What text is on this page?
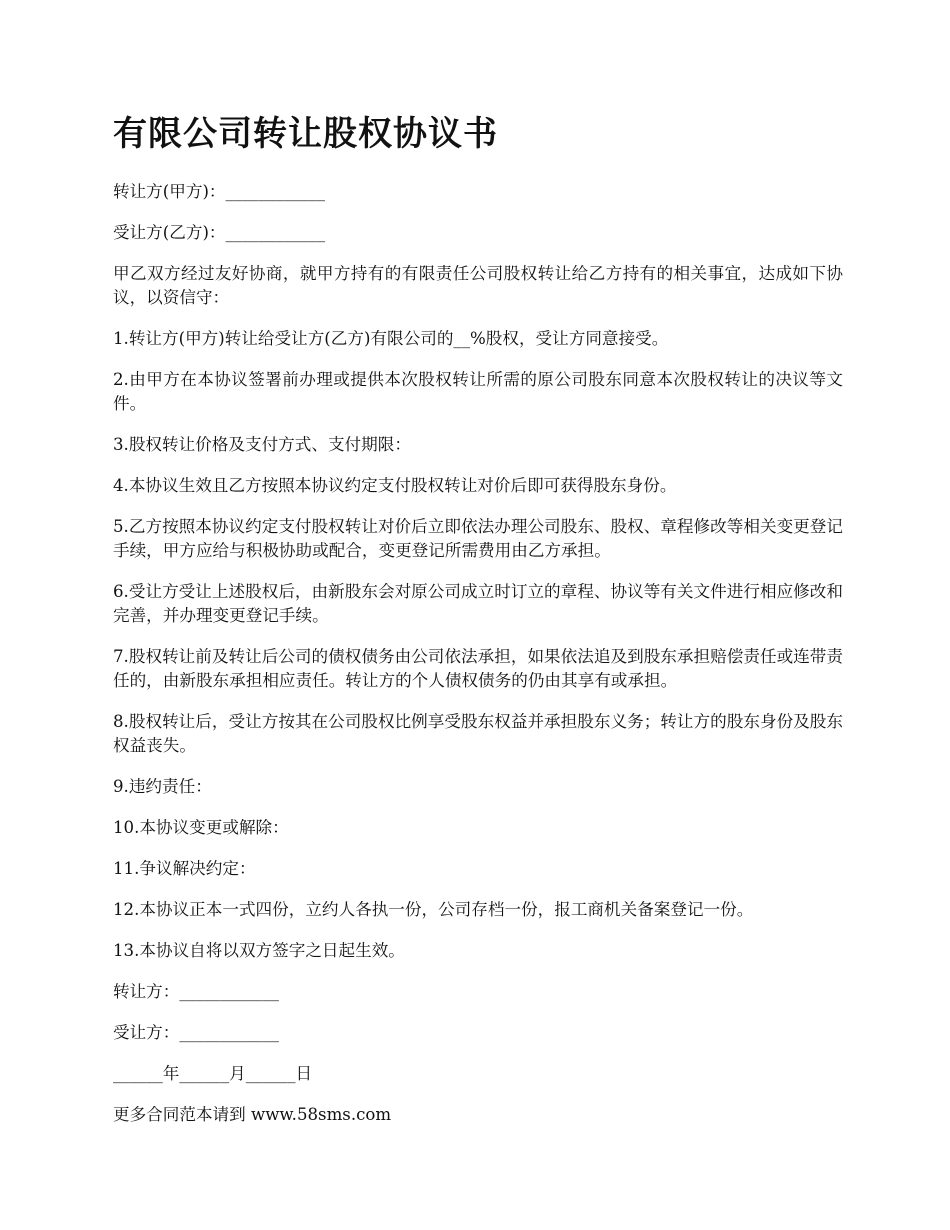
有限公司转让股权协议书

转让方(甲方)：____________

受让方(乙方)：____________

甲乙双方经过友好协商，就甲方持有的有限责任公司股权转让给乙方持有的相关事宜，达成如下协议，以资信守：

1.转让方(甲方)转让给受让方(乙方)有限公司的__%股权，受让方同意接受。

2.由甲方在本协议签署前办理或提供本次股权转让所需的原公司股东同意本次股权转让的决议等文件。

3.股权转让价格及支付方式、支付期限：

4.本协议生效且乙方按照本协议约定支付股权转让对价后即可获得股东身份。

5.乙方按照本协议约定支付股权转让对价后立即依法办理公司股东、股权、章程修改等相关变更登记手续，甲方应给与积极协助或配合，变更登记所需费用由乙方承担。

6.受让方受让上述股权后，由新股东会对原公司成立时订立的章程、协议等有关文件进行相应修改和完善，并办理变更登记手续。

7.股权转让前及转让后公司的债权债务由公司依法承担，如果依法追及到股东承担赔偿责任或连带责任的，由新股东承担相应责任。转让方的个人债权债务的仍由其享有或承担。

8.股权转让后，受让方按其在公司股权比例享受股东权益并承担股东义务；转让方的股东身份及股东权益丧失。

9.违约责任：

10.本协议变更或解除：

11.争议解决约定：

12.本协议正本一式四份，立约人各执一份，公司存档一份，报工商机关备案登记一份。

13.本协议自将以双方签字之日起生效。

转让方：____________

受让方：____________

______年______月______日

更多合同范本请到 www.58sms.com
